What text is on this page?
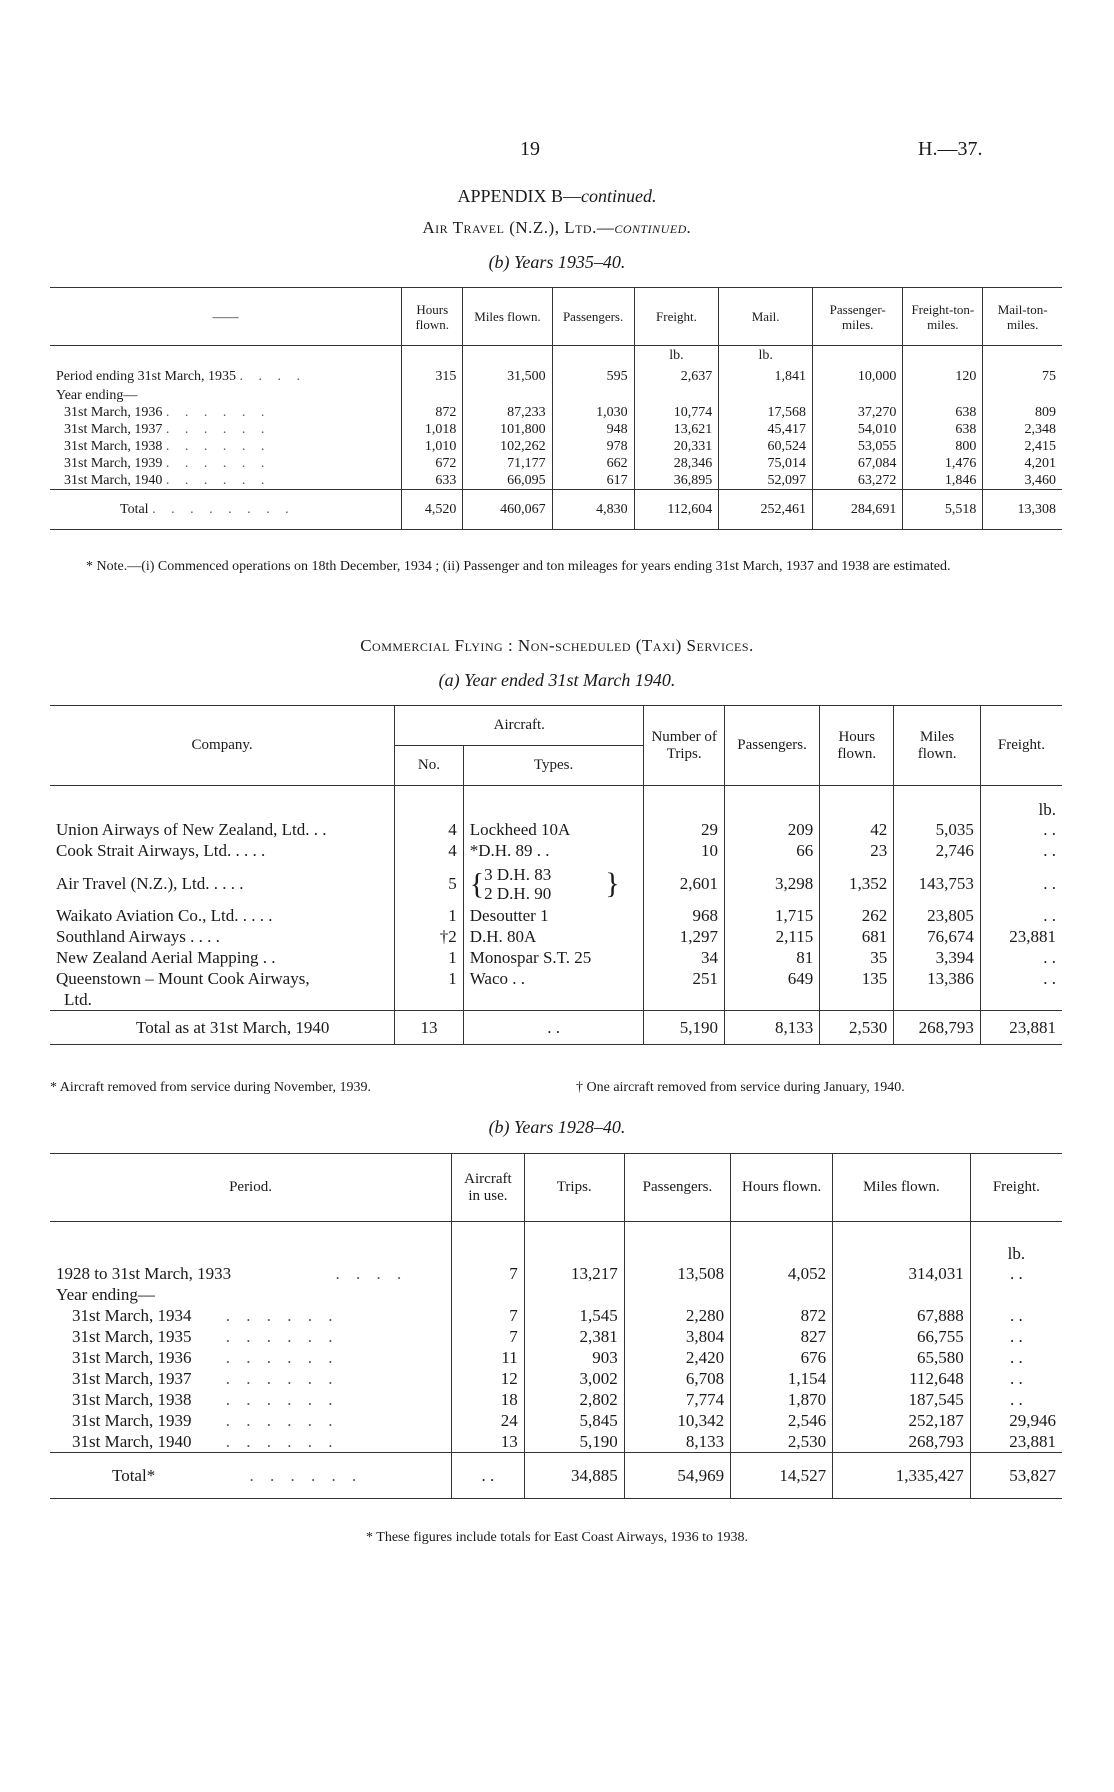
19	H.—37.
APPENDIX B—continued.
Air Travel (N.Z.), Ltd.—continued.
(b) Years 1935–40.
——	Hours flown.	Miles flown.	Passengers.	Freight.	Mail.	Passenger-miles.	Freight-ton-miles.	Mail-ton-miles.
				lb.	lb.			
Period ending 31st March, 1935 . . . .	315	31,500	595	2,637	1,841	10,000	120	75
Year ending—								
31st March, 1936 . . . . . .	872	87,233	1,030	10,774	17,568	37,270	638	809
31st March, 1937 . . . . . .	1,018	101,800	948	13,621	45,417	54,010	638	2,348
31st March, 1938 . . . . . .	1,010	102,262	978	20,331	60,524	53,055	800	2,415
31st March, 1939 . . . . . .	672	71,177	662	28,346	75,014	67,084	1,476	4,201
31st March, 1940 . . . . . .	633	66,095	617	36,895	52,097	63,272	1,846	3,460
Total . . . . . . . .	4,520	460,067	4,830	112,604	252,461	284,691	5,518	13,308
* Note.—(i) Commenced operations on 18th December, 1934 ; (ii) Passenger and ton mileages for years ending 31st March, 1937 and 1938 are estimated.
Commercial Flying : Non-scheduled (Taxi) Services.
(a) Year ended 31st March 1940.
Company.	Aircraft.		Number of Trips.	Passengers.	Hours flown.	Miles flown.	Freight.
	No.	Types.					
							lb.
Union Airways of New Zealand, Ltd. . .	4	Lockheed 10A	29	209	42	5,035	. .
Cook Strait Airways, Ltd. . . . .	4	*D.H. 89 . .	10	66	23	2,746	. .
Air Travel (N.Z.), Ltd. . . . .	5	{3 D.H. 83
2 D.H. 90 }	2,601	3,298	1,352	143,753	. .
Waikato Aviation Co., Ltd. . . . .	1	Desoutter 1	968	1,715	262	23,805	. .
Southland Airways . . . .	†2	D.H. 80A	1,297	2,115	681	76,674	23,881
New Zealand Aerial Mapping . .	1	Monospar S.T. 25	34	81	35	3,394	. .
Queenstown – Mount Cook Airways,	1	Waco . .	251	649	135	13,386	. .
Ltd.							
Total as at 31st March, 1940	13	. .	5,190	8,133	2,530	268,793	23,881
* Aircraft removed from service during November, 1939.	† One aircraft removed from service during January, 1940.
(b) Years 1928–40.
Period.	Aircraft in use.	Trips.	Passengers.	Hours flown.	Miles flown.	Freight.
						lb.
1928 to 31st March, 1933 . . . .	7	13,217	13,508	4,052	314,031	. .
Year ending—						
31st March, 1934 . . . . . .	7	1,545	2,280	872	67,888	. .
31st March, 1935 . . . . . .	7	2,381	3,804	827	66,755	. .
31st March, 1936 . . . . . .	11	903	2,420	676	65,580	. .
31st March, 1937 . . . . . .	12	3,002	6,708	1,154	112,648	. .
31st March, 1938 . . . . . .	18	2,802	7,774	1,870	187,545	. .
31st March, 1939 . . . . . .	24	5,845	10,342	2,546	252,187	29,946
31st March, 1940 . . . . . .	13	5,190	8,133	2,530	268,793	23,881
Total* . . . . . .	. .	34,885	54,969	14,527	1,335,427	53,827
* These figures include totals for East Coast Airways, 1936 to 1938.
